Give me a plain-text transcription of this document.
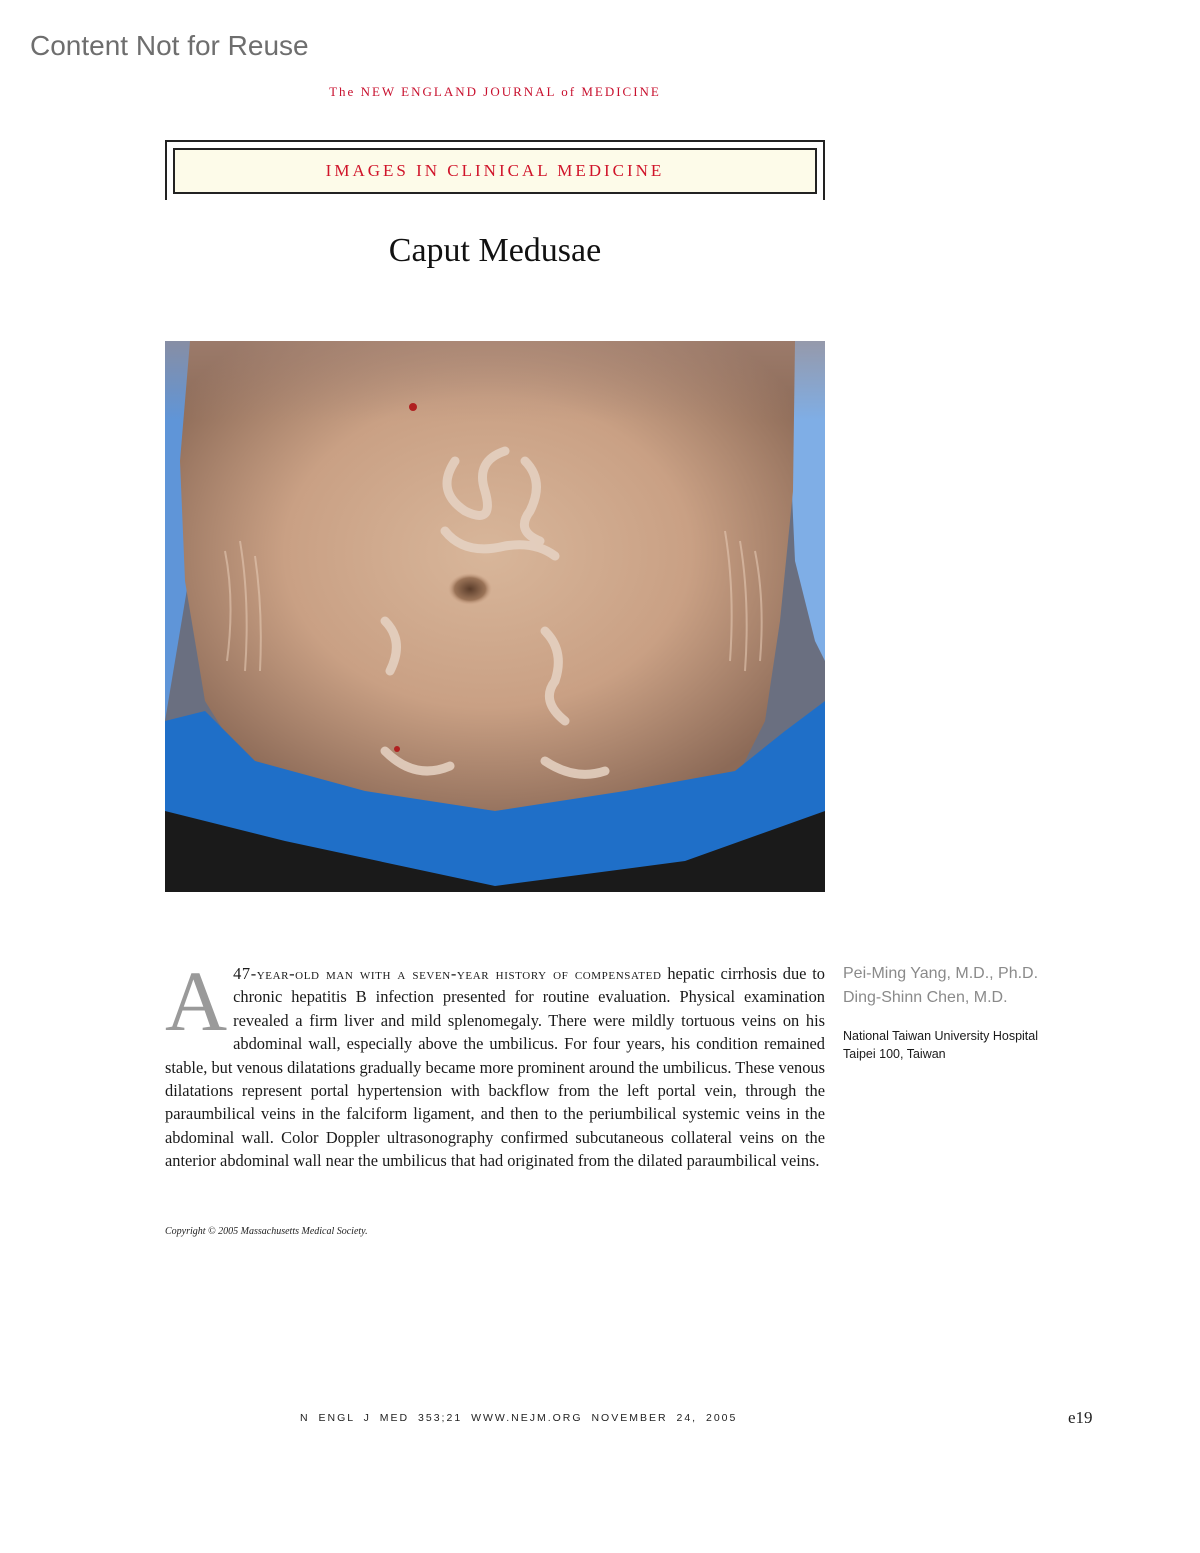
Content Not for Reuse
The NEW ENGLAND JOURNAL of MEDICINE
IMAGES IN CLINICAL MEDICINE
Caput Medusae
A 47-year-old man with a seven-year history of compensated hepatic cirrhosis due to chronic hepatitis B infection presented for routine evaluation. Physical examination revealed a firm liver and mild splenomegaly. There were mildly tortuous veins on his abdominal wall, especially above the umbilicus. For four years, his condition remained stable, but venous dilatations gradually became more prominent around the umbilicus. These venous dilatations represent portal hypertension with backflow from the left portal vein, through the paraumbilical veins in the falciform ligament, and then to the periumbilical systemic veins in the abdominal wall. Color Doppler ultrasonography confirmed subcutaneous collateral veins on the anterior abdominal wall near the umbilicus that had originated from the dilated paraumbilical veins.
Copyright © 2005 Massachusetts Medical Society.
Pei-Ming Yang, M.D., Ph.D.
Ding-Shinn Chen, M.D.
National Taiwan University Hospital
Taipei 100, Taiwan
N ENGL J MED 353;21 WWW.NEJM.ORG NOVEMBER 24, 2005	e19
